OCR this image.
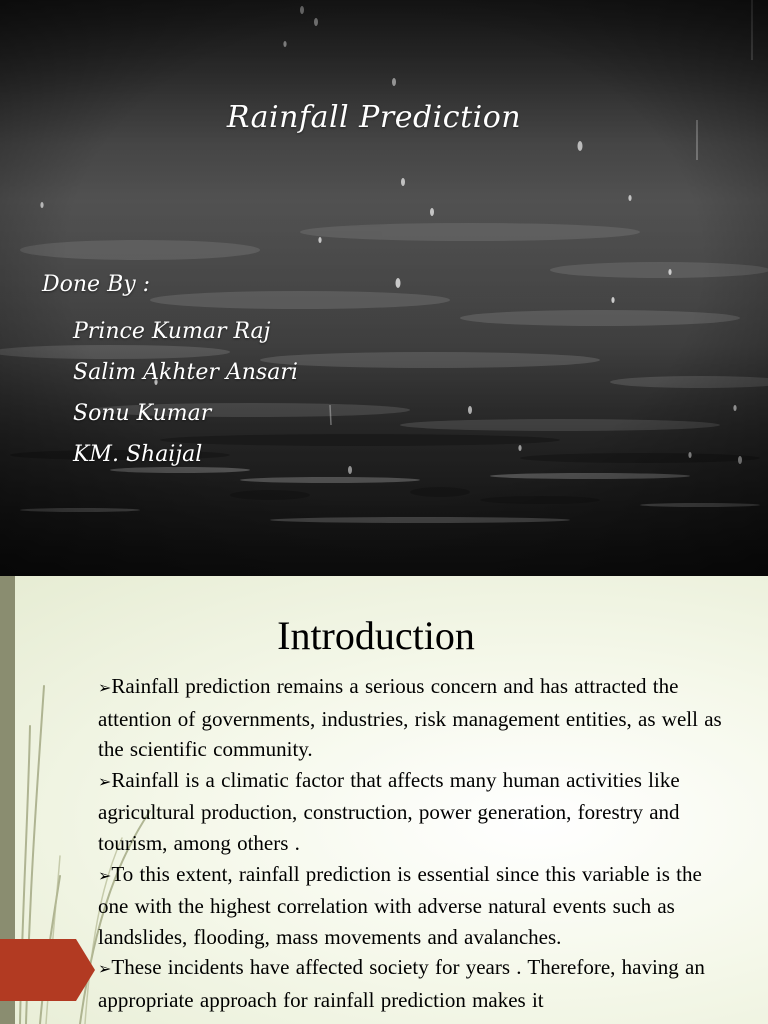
Rainfall Prediction
Done By :
Prince Kumar Raj
Salim Akhter Ansari
Sonu Kumar
KM. Shaijal
Introduction
➢Rainfall prediction remains a serious concern and has attracted the attention of governments, industries, risk management entities, as well as the scientific community.
➢Rainfall is a climatic factor that affects many human activities like agricultural production, construction, power generation, forestry and tourism, among others .
➢To this extent, rainfall prediction is essential since this variable is the one with the highest correlation with adverse natural events such as landslides, flooding, mass movements and avalanches.
➢These incidents have affected society for years . Therefore, having an appropriate approach for rainfall prediction makes it
